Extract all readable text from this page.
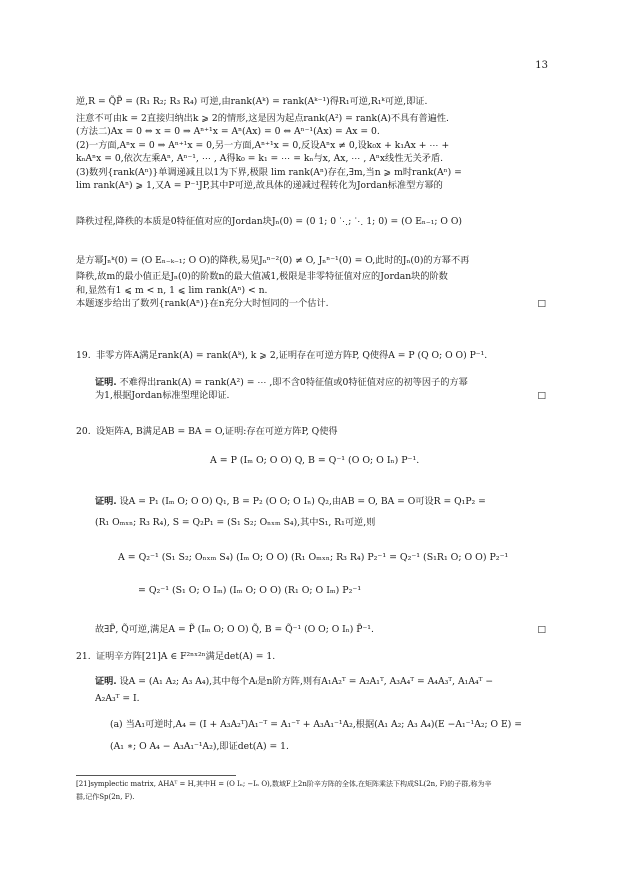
13
逆,R = Q̃P̃ = (R₁ R₂; R₃ R₄) 可逆,由rank(Aᵏ) = rank(Aᵏ⁻¹)得R₁可逆,R₁ᵏ可逆,即证.
注意不可由k = 2直接归纳出k ⩾ 2的情形,这是因为起点rank(A²) = rank(A)不具有普遍性.
(方法二)Ax = 0 ⇔ x = 0 ⇒ Aⁿ⁺¹x = Aⁿ(Ax) = 0 ⇔ Aⁿ⁻¹(Ax) = Ax = 0.
(2)一方面,Aⁿx = 0 ⇒ Aⁿ⁺¹x = 0,另一方面,Aⁿ⁺¹x = 0,反设Aⁿx ≠ 0,设k₀x + k₁Ax + ⋯ +
kₙAⁿx = 0,依次左乘Aⁿ, Aⁿ⁻¹, ⋯ , A得k₀ = k₁ = ⋯ = kₙ与x, Ax, ⋯ , Aⁿx线性无关矛盾.
(3)数列{rank(Aⁿ)}单调递减且以1为下界,极限 lim rank(Aⁿ)存在,∃m,当n ⩾ m时rank(Aⁿ) =
lim rank(Aⁿ) ⩾ 1,又A = P⁻¹JP,其中P可逆,故具体的递减过程转化为Jordan标准型方幂的
降秩过程,降秩的本质是0特征值对应的Jordan块Jₙ(0) = (0 1; 0 ⋱; ⋱ 1; 0) = (O Eₙ₋₁; O O)
是方幂Jₙᵏ(0) = (O Eₙ₋ₖ₋₁; O O)的降秩,易见Jₙⁿ⁻²(0) ≠ O, Jₙⁿ⁻¹(0) = O,此时的Jₙ(0)的方幂不再
降秩,故m的最小值正是Jₙ(0)的阶数n的最大值减1,极限是非零特征值对应的Jordan块的阶数
和,显然有1 ⩽ m < n, 1 ⩽ lim rank(Aⁿ) < n.
本题逐步给出了数列{rank(Aⁿ)}在n充分大时恒同的一个估计.	□
19. 非零方阵A满足rank(A) = rank(Aᵏ), k ⩾ 2,证明存在可逆方阵P, Q使得A = P (Q O; O O) P⁻¹.
证明. 不难得出rank(A) = rank(A²) = ⋯ ,即不含0特征值或0特征值对应的初等因子的方幂
为1,根据Jordan标准型理论即证.	□
20. 设矩阵A, B满足AB = BA = O,证明:存在可逆方阵P, Q使得
A = P (Iₘ O; O O) Q, B = Q⁻¹ (O O; O Iₙ) P⁻¹.
证明. 设A = P₁ (Iₘ O; O O) Q₁, B = P₂ (O O; O Iₙ) Q₂,由AB = O, BA = O可设R = Q₁P₂ =
(R₁ Oₘₓₙ; R₃ R₄), S = Q₂P₁ = (S₁ S₂; Oₙₓₘ S₄),其中S₁, R₁可逆,则
A = Q₂⁻¹ (S₁ S₂; Oₙₓₘ S₄) (Iₘ O; O O) (R₁ Oₘₓₙ; R₃ R₄) P₂⁻¹ = Q₂⁻¹ (S₁R₁ O; O O) P₂⁻¹
= Q₂⁻¹ (S₁ O; O Iₘ) (Iₘ O; O O) (R₁ O; O Iₘ) P₂⁻¹
故∃P̃, Q̃可逆,满足A = P̃ (Iₘ O; O O) Q̃, B = Q̃⁻¹ (O O; O Iₙ) P̃⁻¹.	□
21. 证明辛方阵[21]A ∈ F²ⁿˣ²ⁿ满足det(A) = 1.
证明. 设A = (A₁ A₂; A₃ A₄),其中每个Aᵢ是n阶方阵,则有A₁A₂ᵀ = A₂A₁ᵀ, A₃A₄ᵀ = A₄A₃ᵀ, A₁A₄ᵀ −
A₂A₃ᵀ = I.
(a) 当A₁可逆时,A₄ = (I + A₃A₂ᵀ)A₁⁻ᵀ = A₁⁻ᵀ + A₃A₁⁻¹A₂,根据(A₁ A₂; A₃ A₄)(E −A₁⁻¹A₂; O E) =
(A₁ ∗; O A₄ − A₃A₁⁻¹A₂),即证det(A) = 1.
[21]symplectic matrix, AHAᵀ = H,其中H = (O Iₙ; −Iₙ O),数域F上2n阶辛方阵的全体,在矩阵乘法下构成SL(2n, F)的子群,称为辛
群,记作Sp(2n, F).
